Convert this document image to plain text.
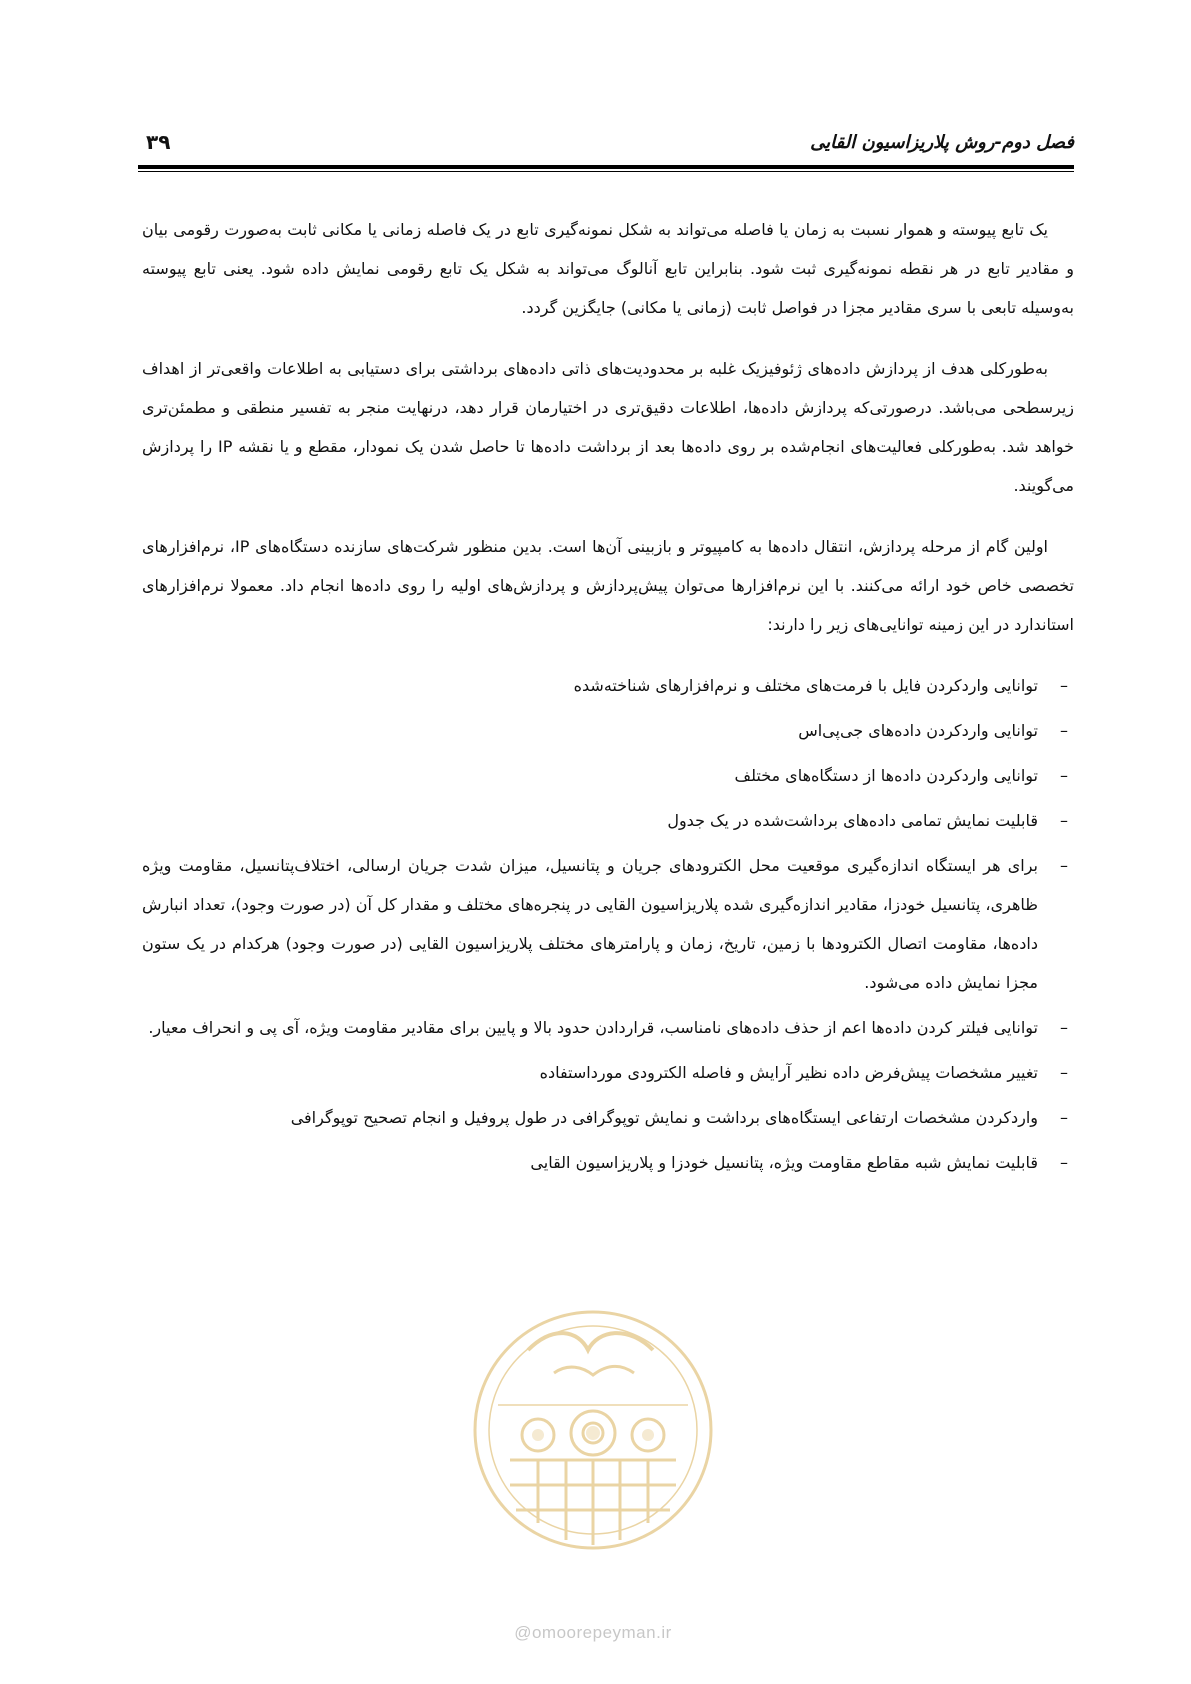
فصل دوم-روش پلاریزاسیون القایی
۳۹

یک تابع پیوسته و هموار نسبت به زمان یا فاصله می‌تواند به شکل نمونه‌گیری تابع در یک فاصله زمانی یا مکانی ثابت به‌صورت رقومی بیان و مقادیر تابع در هر نقطه نمونه‌گیری ثبت شود. بنابراین تابع آنالوگ می‌تواند به شکل یک تابع رقومی نمایش داده شود. یعنی تابع پیوسته به‌وسیله تابعی با سری مقادیر مجزا در فواصل ثابت (زمانی یا مکانی) جایگزین گردد.

به‌طورکلی هدف از پردازش داده‌های ژئوفیزیک غلبه بر محدودیت‌های ذاتی داده‌های برداشتی برای دستیابی به اطلاعات واقعی‌تر از اهداف زیرسطحی می‌باشد. درصورتی‌که پردازش داده‌ها، اطلاعات دقیق‌تری در اختیارمان قرار دهد، درنهایت منجر به تفسیر منطقی و مطمئن‌تری خواهد شد. به‌طورکلی فعالیت‌های انجام‌شده بر روی داده‌ها بعد از برداشت داده‌ها تا حاصل شدن یک نمودار، مقطع و یا نقشه IP را پردازش می‌گویند.

اولین گام از مرحله پردازش، انتقال داده‌ها به کامپیوتر و بازبینی آن‌ها است. بدین منظور شرکت‌های سازنده دستگاه‌های IP، نرم‌افزارهای تخصصی خاص خود ارائه می‌کنند. با این نرم‌افزارها می‌توان پیش‌پردازش و پردازش‌های اولیه را روی داده‌ها انجام داد. معمولا نرم‌افزارهای استاندارد در این زمینه توانایی‌های زیر را دارند:

–
توانایی واردکردن فایل با فرمت‌های مختلف و نرم‌افزارهای شناخته‌شده
–
توانایی واردکردن داده‌های جی‌پی‌اس
–
توانایی واردکردن داده‌ها از دستگاه‌های مختلف
–
قابلیت نمایش تمامی داده‌های برداشت‌شده در یک جدول
–
برای هر ایستگاه اندازه‌گیری موقعیت محل الکترودهای جریان و پتانسیل، میزان شدت جریان ارسالی، اختلاف‌پتانسیل، مقاومت ویژه ظاهری، پتانسیل خودزا، مقادیر اندازه‌گیری شده پلاریزاسیون القایی در پنجره‌های مختلف و مقدار کل آن (در صورت وجود)، تعداد انبارش داده‌ها، مقاومت اتصال الکترودها با زمین، تاریخ، زمان و پارامترهای مختلف پلاریزاسیون القایی (در صورت وجود) هرکدام در یک ستون مجزا نمایش داده می‌شود.
–
توانایی فیلتر کردن داده‌ها اعم از حذف داده‌های نامناسب، قراردادن حدود بالا و پایین برای مقادیر مقاومت ویژه، آی پی و انحراف معیار.
–
تغییر مشخصات پیش‌فرض داده نظیر آرایش و فاصله الکترودی مورداستفاده
–
واردکردن مشخصات ارتفاعی ایستگاه‌های برداشت و نمایش توپوگرافی در طول پروفیل و انجام تصحیح توپوگرافی
–
قابلیت نمایش شبه مقاطع مقاومت ویژه، پتانسیل خودزا و پلاریزاسیون القایی
@omoorepeyman.ir
